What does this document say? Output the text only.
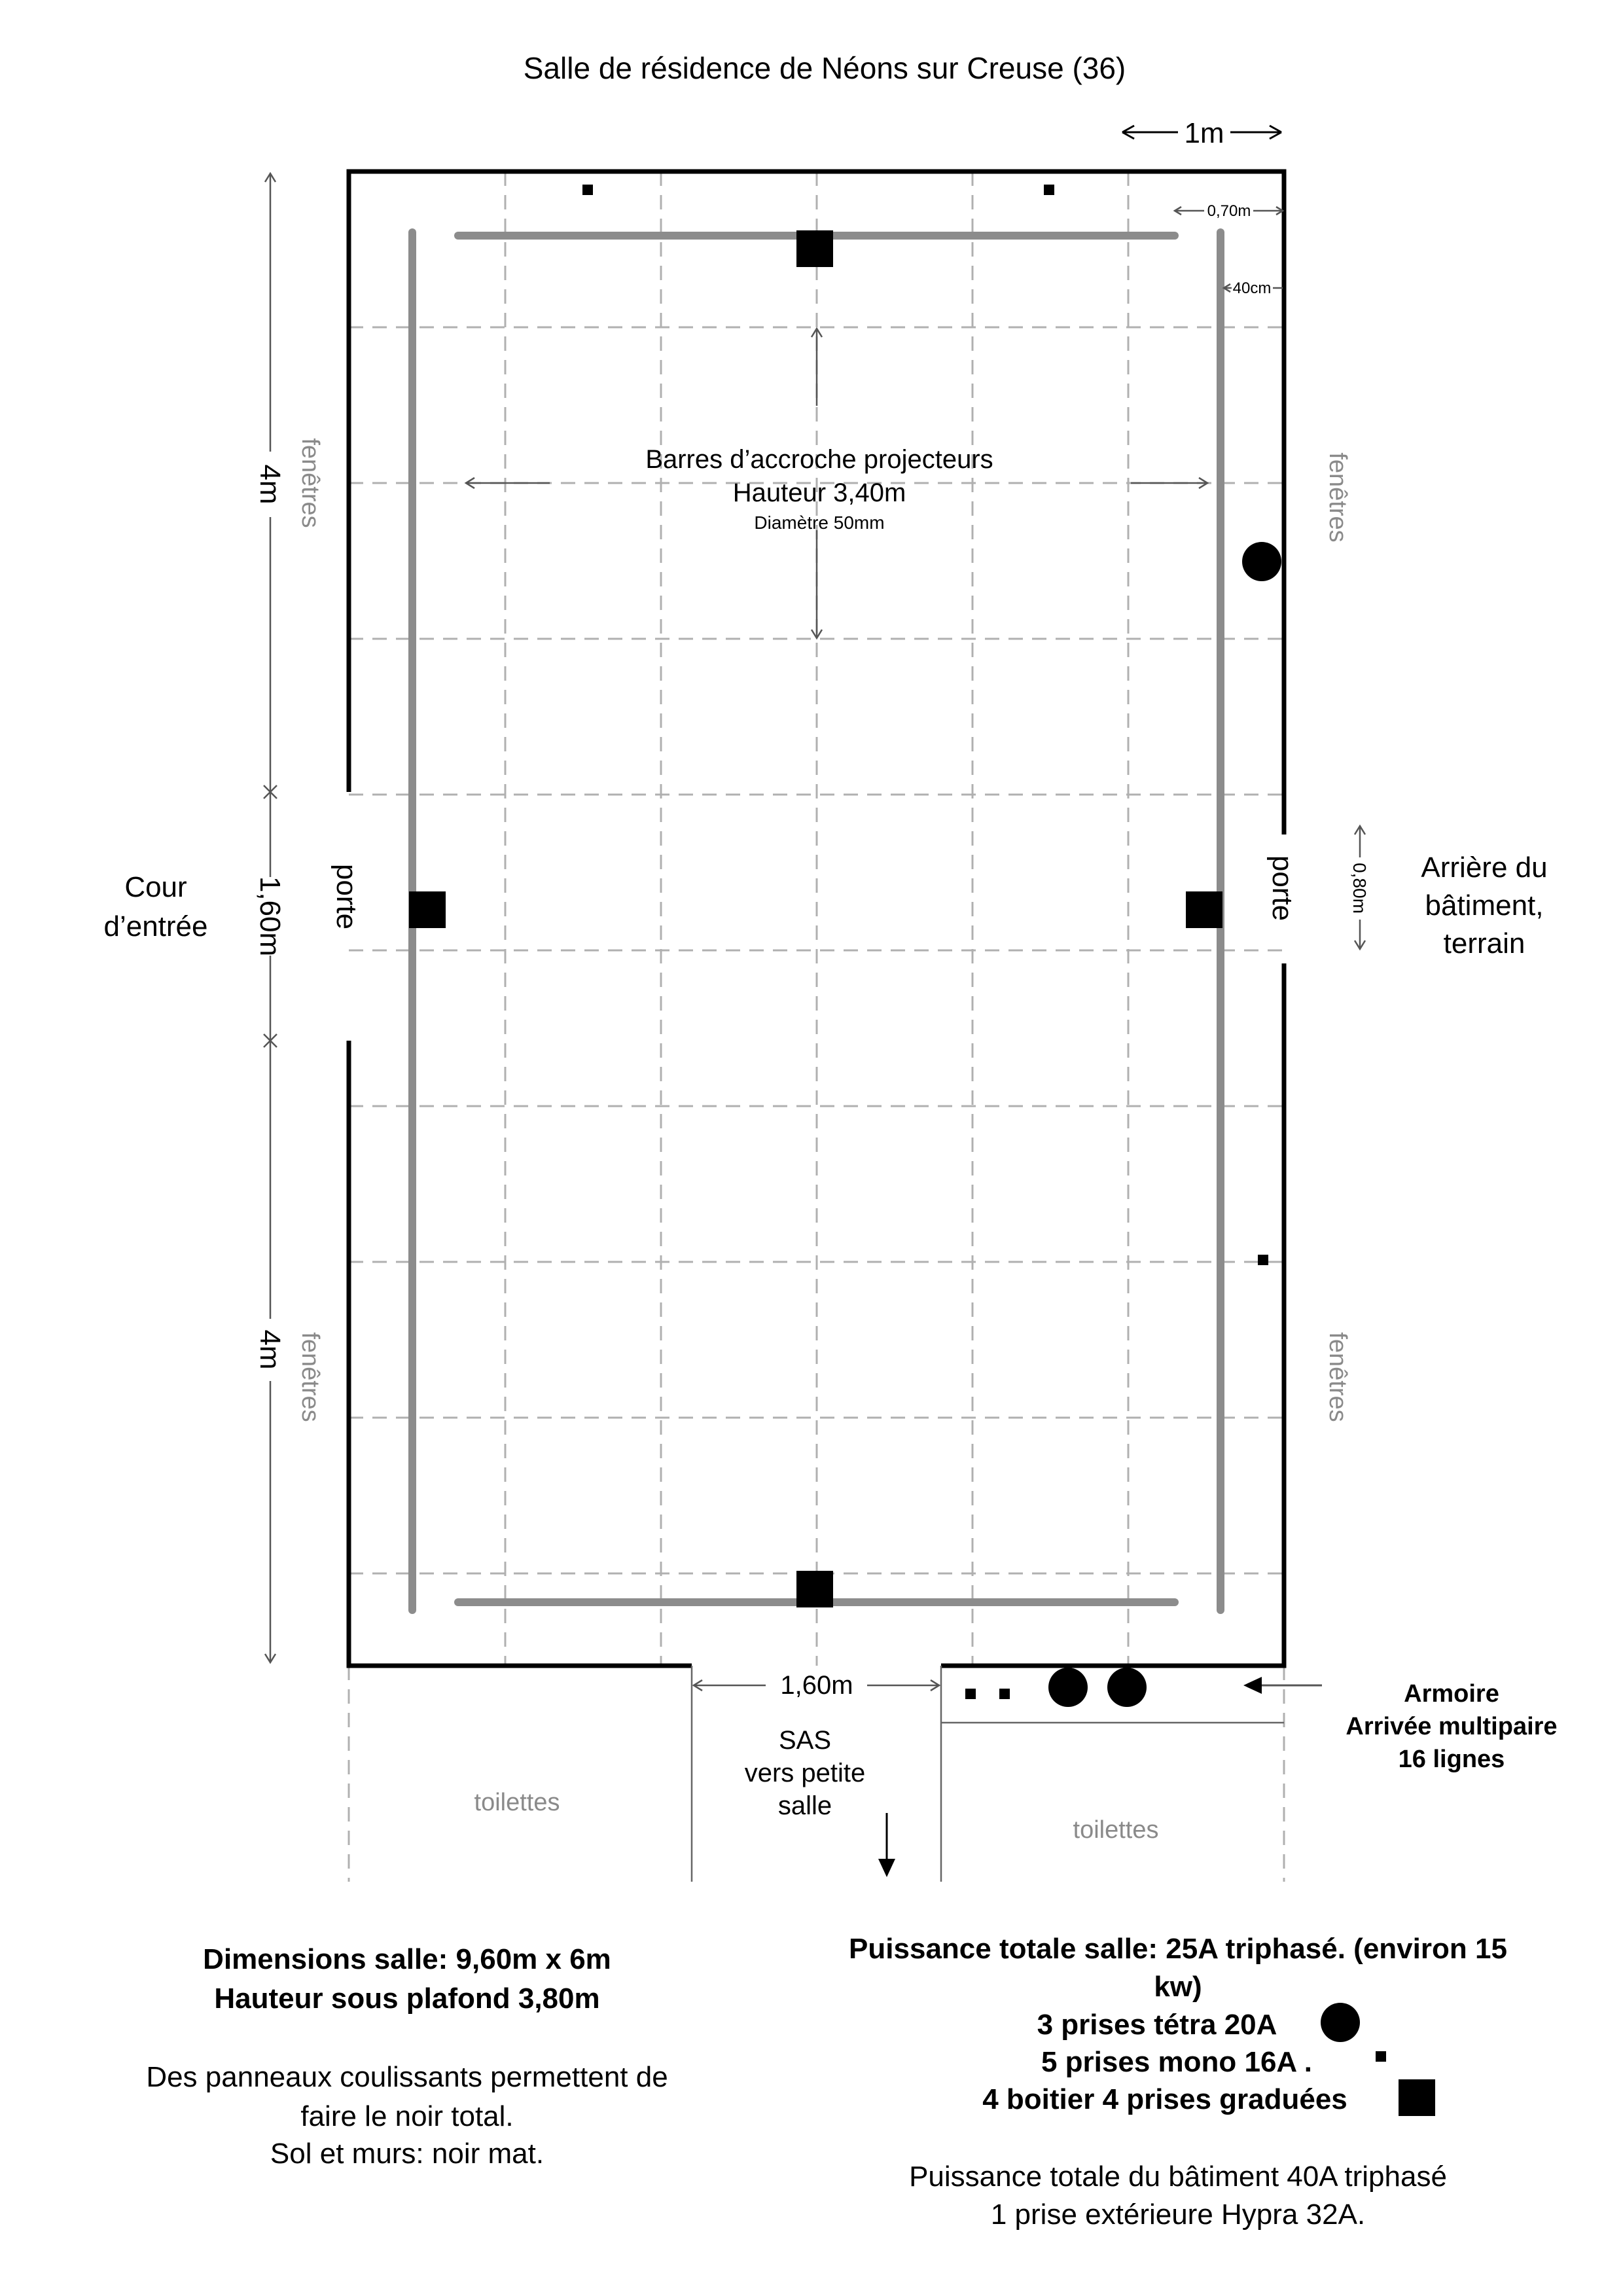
Salle de résidence de Néons sur Creuse (36)
1m
Barres d’accroche projecteurs
Hauteur 3,40m
Diamètre 50mm
0,70m
40cm
4m
1,60m
4m
fenêtres
fenêtres
fenêtres
fenêtres
porte	porte	0,80m
Cour
d’entrée
Arrière du
bâtiment,
terrain
1,60m
toilettes
toilettes
SAS
vers petite
salle
Armoire
Arrivée multipaire
16 lignes
Dimensions salle: 9,60m x 6m
Hauteur sous plafond 3,80m
Des panneaux coulissants permettent de
faire le noir total.
Sol et murs: noir mat.
Puissance totale salle: 25A triphasé. (environ 15
kw)
3 prises tétra 20A
5 prises mono 16A .
4 boitier 4 prises graduées
Puissance totale du bâtiment 40A triphasé
1 prise extérieure Hypra 32A.
